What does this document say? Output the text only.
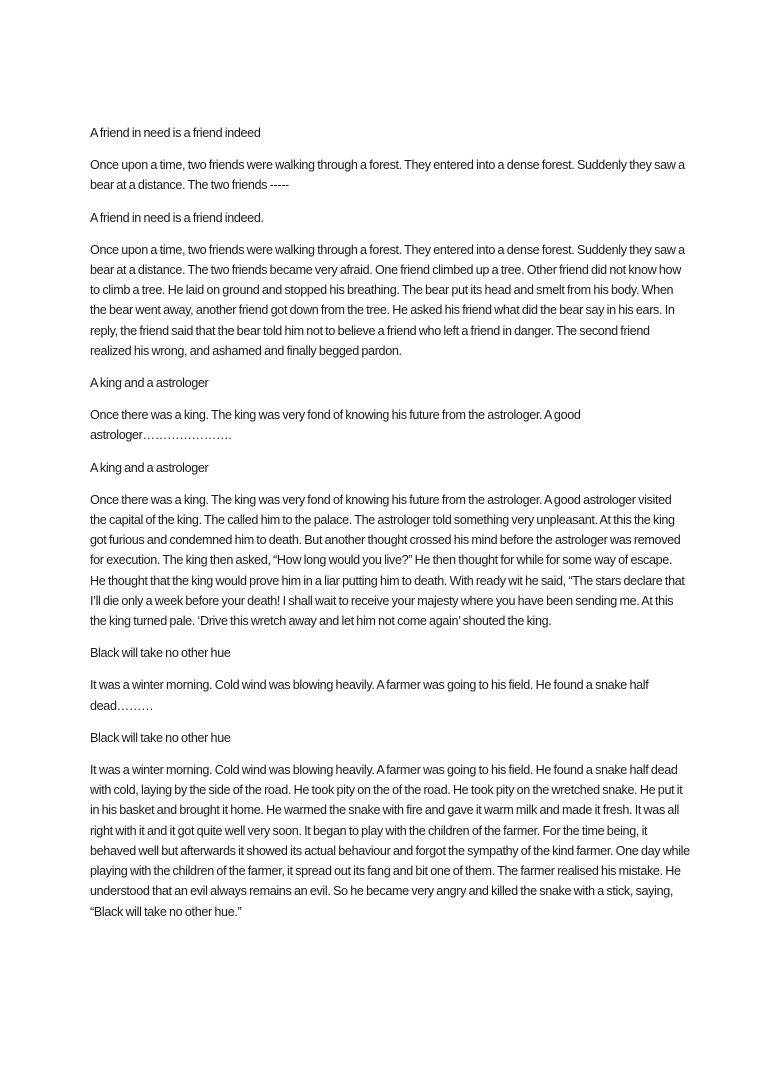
A friend in need is a friend indeed

Once upon a time, two friends were walking through a forest. They entered into a dense forest. Suddenly they saw a bear at a distance. The two friends -----

A friend in need is a friend indeed.

Once upon a time, two friends were walking through a forest. They entered into a dense forest. Suddenly they saw a bear at a distance. The two friends became very afraid. One friend climbed up a tree. Other friend did not know how to climb a tree. He laid on ground and stopped his breathing. The bear put its head and smelt from his body. When the bear went away, another friend got down from the tree. He asked his friend what did the bear say in his ears. In reply, the friend said that the bear told him not to believe a friend who left a friend in danger. The second friend realized his wrong, and ashamed and finally begged pardon.

A king and a astrologer

Once there was a king. The king was very fond of knowing his future from the astrologer. A good astrologer………………….

A king and a astrologer

Once there was a king. The king was very fond of knowing his future from the astrologer. A good astrologer visited the capital of the king. The called him to the palace. The astrologer told something very unpleasant. At this the king got furious and condemned him to death. But another thought crossed his mind before the astrologer was removed for execution. The king then asked, “How long would you live?” He then thought for while for some way of escape. He thought that the king would prove him in a liar putting him to death. With ready wit he said, “The stars declare that I’ll die only a week before your death! I shall wait to receive your majesty where you have been sending me. At this the king turned pale. ‘Drive this wretch away and let him not come again’ shouted the king.

Black will take no other hue

It was a winter morning. Cold wind was blowing heavily. A farmer was going to his field. He found a snake half dead………

Black will take no other hue

It was a winter morning. Cold wind was blowing heavily. A farmer was going to his field. He found a snake half dead with cold, laying by the side of the road. He took pity on the of the road. He took pity on the wretched snake. He put it in his basket and brought it home. He warmed the snake with fire and gave it warm milk and made it fresh. It was all right with it and it got quite well very soon. It began to play with the children of the farmer. For the time being, it behaved well but afterwards it showed its actual behaviour and forgot the sympathy of the kind farmer. One day while playing with the children of the farmer, it spread out its fang and bit one of them. The farmer realised his mistake. He understood that an evil always remains an evil. So he became very angry and killed the snake with a stick, saying, “Black will take no other hue.”
